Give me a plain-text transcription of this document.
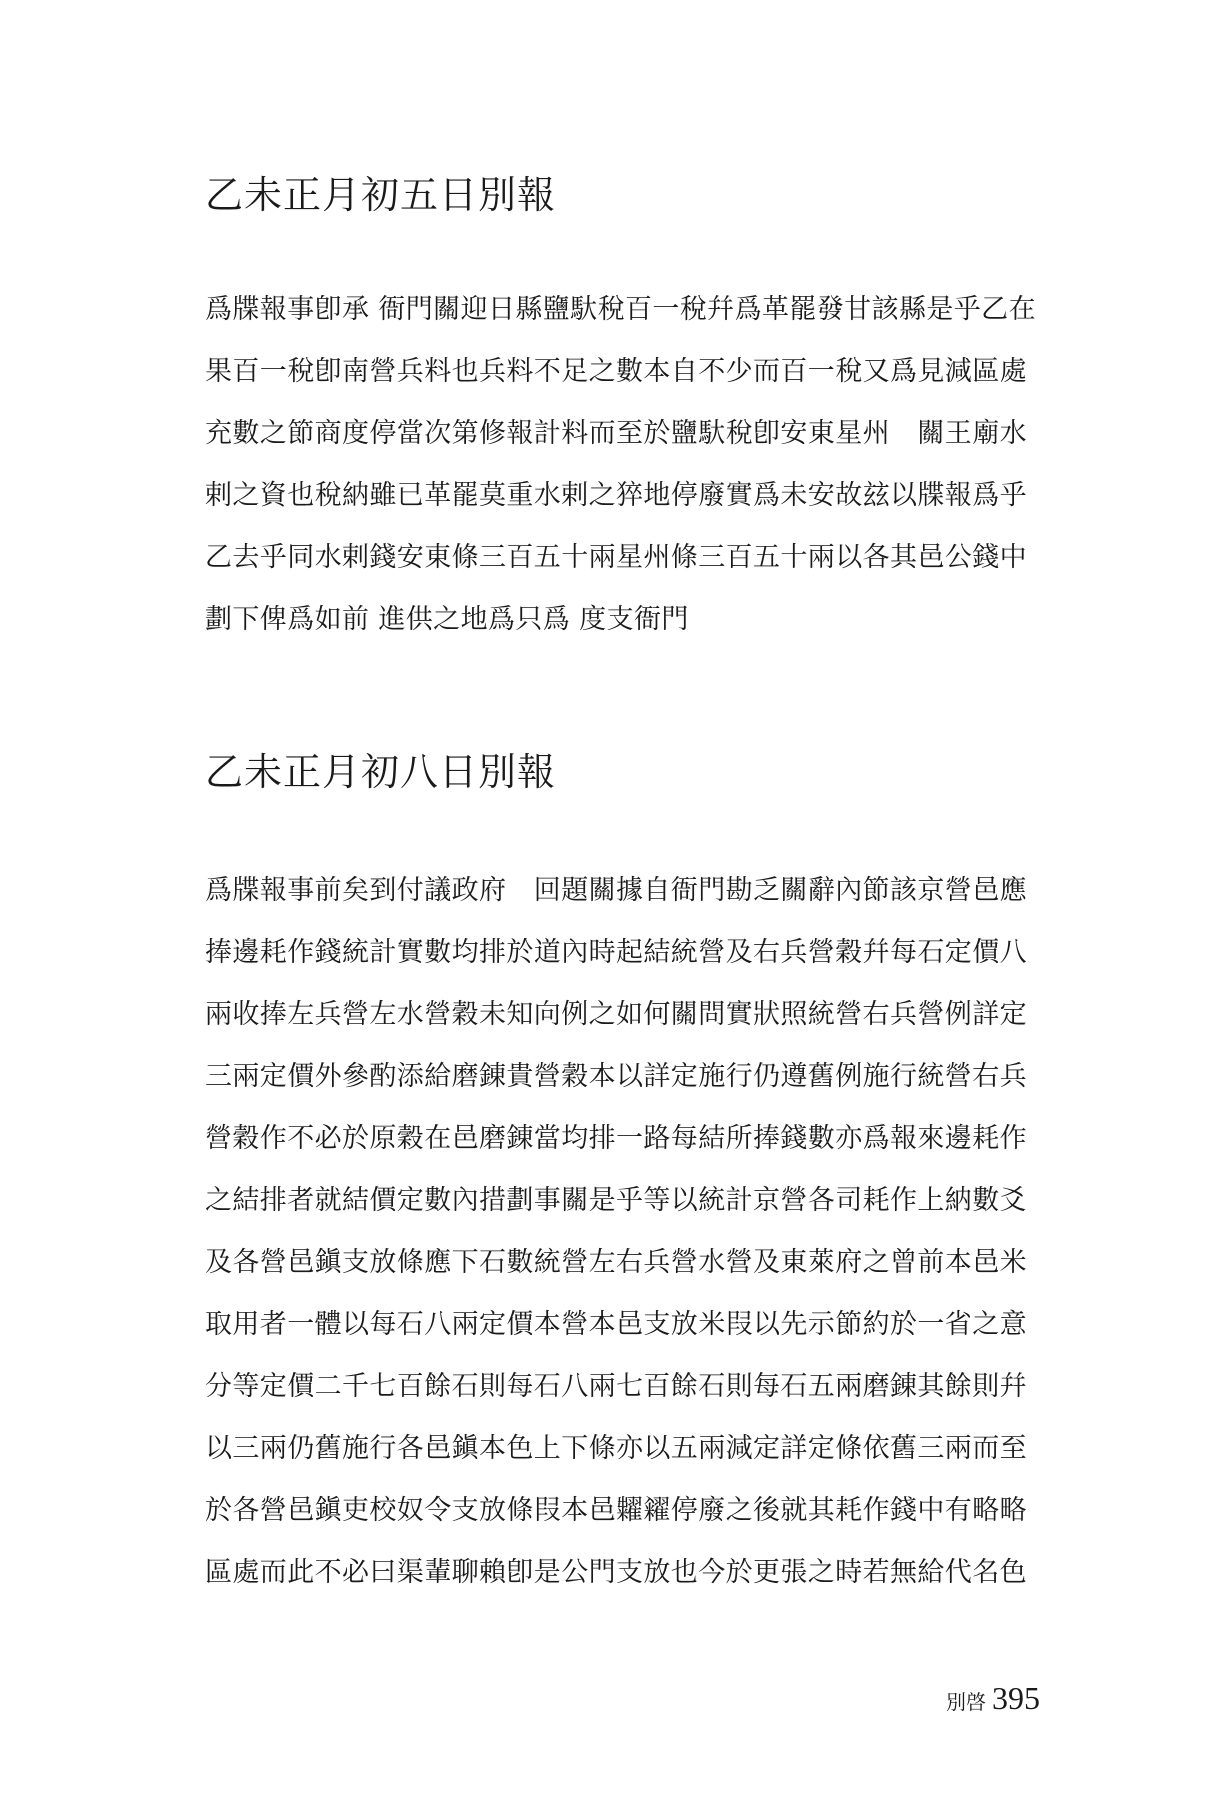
乙未正月初五日別報
爲牒報事卽承 衙門關迎日縣鹽馱稅百一稅幷爲革罷發甘該縣是乎乙在
果百一稅卽南營兵料也兵料不足之數本自不少而百一稅又爲見減區處
充數之節商度停當次第修報計料而至於鹽馱稅卽安東星州　關王廟水
剌之資也稅納雖已革罷莫重水剌之猝地停廢實爲未安故玆以牒報爲乎
乙去乎同水剌錢安東條三百五十兩星州條三百五十兩以各其邑公錢中
劃下俾爲如前 進供之地爲只爲 度支衙門
乙未正月初八日別報
爲牒報事前矣到付議政府　回題關據自衙門勘乏關辭內節該京營邑應
捧邊耗作錢統計實數均排於道內時起結統營及右兵營穀幷每石定價八
兩收捧左兵營左水營穀未知向例之如何關問實狀照統營右兵營例詳定
三兩定價外參酌添給磨錬貴營穀本以詳定施行仍遵舊例施行統營右兵
營穀作不必於原穀在邑磨錬當均排一路每結所捧錢數亦爲報來邊耗作
之結排者就結價定數內措劃事關是乎等以統計京營各司耗作上納數爻
及各營邑鎭支放條應下石數統營左右兵營水營及東萊府之曾前本邑米
取用者一體以每石八兩定價本營本邑支放米叚以先示節約於一省之意
分等定價二千七百餘石則每石八兩七百餘石則每石五兩磨錬其餘則幷
以三兩仍舊施行各邑鎭本色上下條亦以五兩減定詳定條依舊三兩而至
於各營邑鎭吏校奴令支放條叚本邑糶糴停廢之後就其耗作錢中有略略
區處而此不必曰渠輩聊賴卽是公門支放也今於更張之時若無給代名色
別啓 395
